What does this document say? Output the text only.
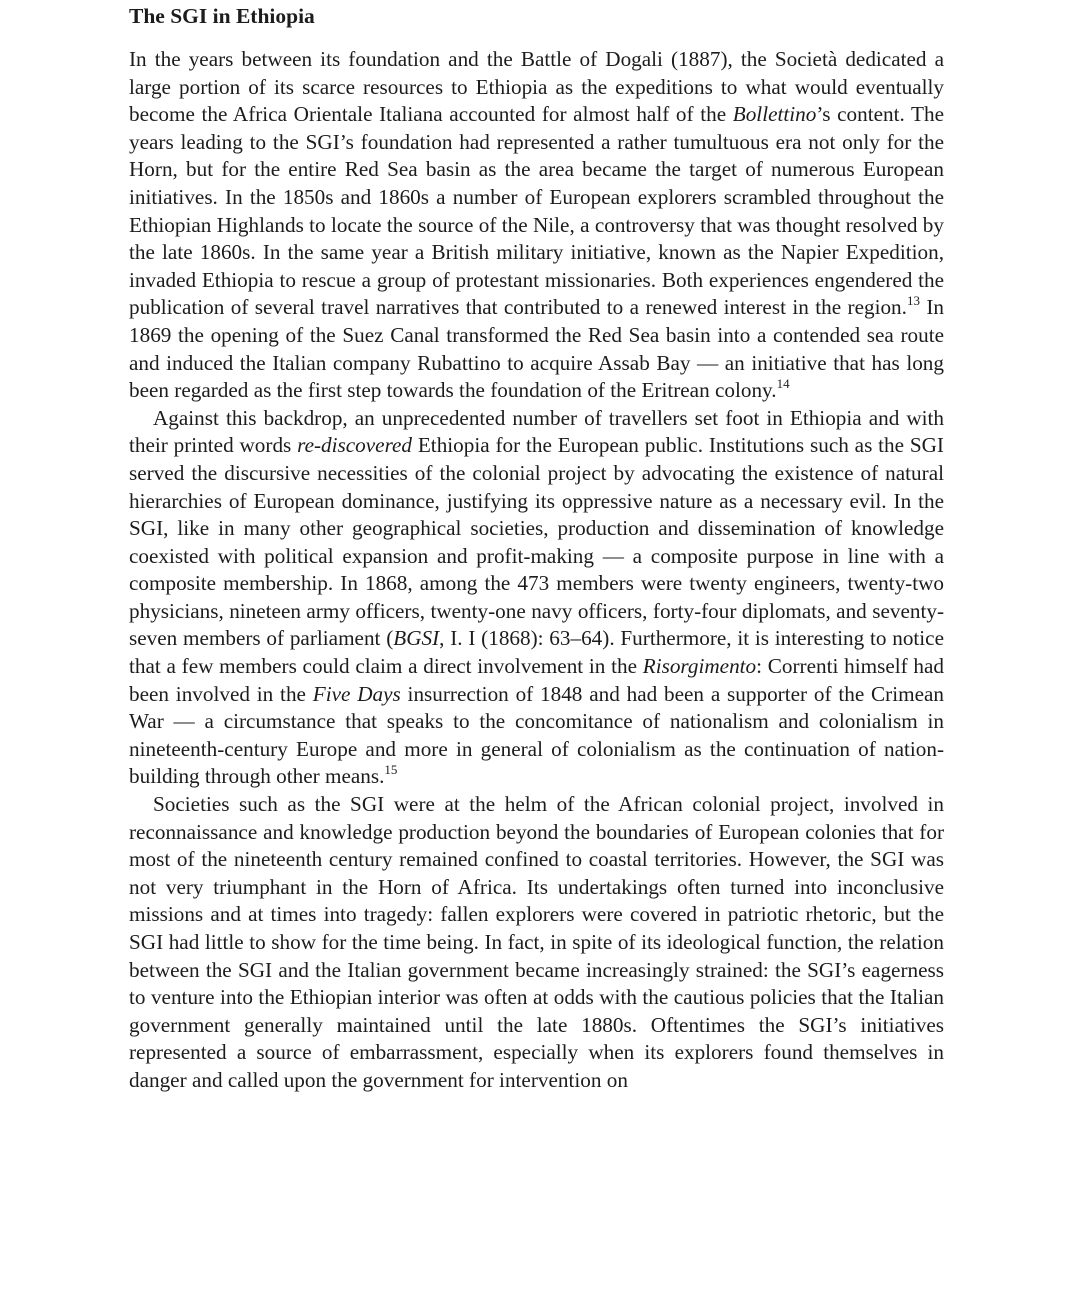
The SGI in Ethiopia

In the years between its foundation and the Battle of Dogali (1887), the Società dedicated a large portion of its scarce resources to Ethiopia as the expeditions to what would eventually become the Africa Orientale Italiana accounted for almost half of the Bollettino’s content. The years leading to the SGI’s foundation had represented a rather tumultuous era not only for the Horn, but for the entire Red Sea basin as the area became the target of numerous European initiatives. In the 1850s and 1860s a number of European explorers scrambled throughout the Ethiopian Highlands to locate the source of the Nile, a controversy that was thought resolved by the late 1860s. In the same year a British military initiative, known as the Napier Expedition, invaded Ethiopia to rescue a group of protestant missionaries. Both experiences engendered the publication of several travel narratives that contributed to a renewed interest in the region.$^{13}$ In 1869 the opening of the Suez Canal transformed the Red Sea basin into a contended sea route and induced the Italian company Rubattino to acquire Assab Bay — an initiative that has long been regarded as the first step towards the foundation of the Eritrean colony.$^{14}$

Against this backdrop, an unprecedented number of travellers set foot in Ethiopia and with their printed words re-discovered Ethiopia for the European public. Institutions such as the SGI served the discursive necessities of the colonial project by advocating the existence of natural hierarchies of European dominance, justifying its oppressive nature as a necessary evil. In the SGI, like in many other geographical societies, production and dissemination of knowledge coexisted with political expansion and profit-making — a composite purpose in line with a composite membership. In 1868, among the 473 members were twenty engineers, twenty-two physicians, nineteen army officers, twenty-one navy officers, forty-four diplomats, and seventy-seven members of parliament (BGSI, I. I (1868): 63–64). Furthermore, it is interesting to notice that a few members could claim a direct involvement in the Risorgimento: Correnti himself had been involved in the Five Days insurrection of 1848 and had been a supporter of the Crimean War — a circumstance that speaks to the concomitance of nationalism and colonialism in nineteenth-century Europe and more in general of colonialism as the continuation of nation-building through other means.$^{15}$

Societies such as the SGI were at the helm of the African colonial project, involved in reconnaissance and knowledge production beyond the boundaries of European colonies that for most of the nineteenth century remained confined to coastal territories. However, the SGI was not very triumphant in the Horn of Africa. Its undertakings often turned into inconclusive missions and at times into tragedy: fallen explorers were covered in patriotic rhetoric, but the SGI had little to show for the time being. In fact, in spite of its ideological function, the relation between the SGI and the Italian government became increasingly strained: the SGI’s eagerness to venture into the Ethiopian interior was often at odds with the cautious policies that the Italian government generally maintained until the late 1880s. Oftentimes the SGI’s initiatives represented a source of embarrassment, especially when its explorers found themselves in danger and called upon the government for intervention on
